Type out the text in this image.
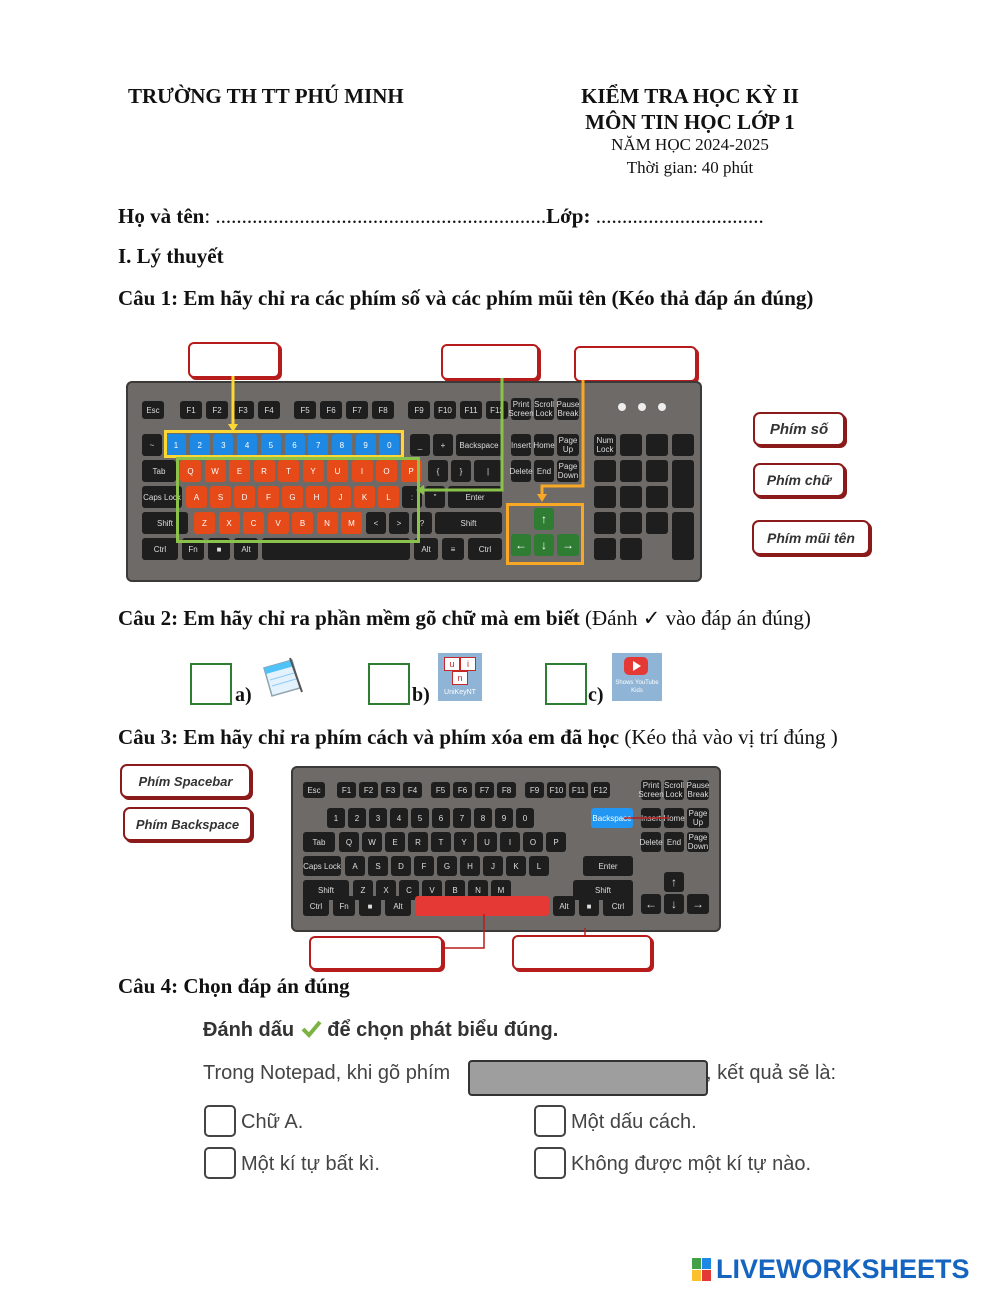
TRƯỜNG TH TT PHÚ MINH	KIỂM TRA HỌC KỲ II
MÔN TIN HỌC LỚP 1
NĂM HỌC 2024-2025
Thời gian: 40 phút
Họ và tên: ...............................................................Lớp: ................................
I. Lý thuyết
Câu 1: Em hãy chỉ ra các phím số và các phím mũi tên (Kéo thả đáp án đúng)
Esc	F1	F2	F3	F4	F5	F6	F7	F8	F9	F10	F11	F12
Print Screen
Scroll Lock
Pause Break
~	1	2	3	4	5	6	7	8	9	0	_	+	Backspace
Tab	Q	W	E	R	T	Y	U	I	O	P	{	}	|
Caps Lock	A	S	D	F	G	H	J	K	L	:	"	Enter
Shift	Z	X	C	V	B	N	M	<	>	?	Shift
Ctrl	Fn	■	Alt	Alt	≡	Ctrl
Insert Home Page Up
Delete End Page Down
↑
←	↓	→
Num Lock
Phím số
Phím chữ
Phím mũi tên
Câu 2: Em hãy chỉ ra phần mềm gõ chữ mà em biết (Đánh ✓ vào đáp án đúng)
a)	b)
u	i
n
UniKeyNT	c)
Shows YouTube Kids
Câu 3: Em hãy chỉ ra phím cách và phím xóa em đã học (Kéo thả vào vị trí đúng )
Phím Spacebar
Phím Backspace
Esc	F1	F2	F3	F4	F5	F6	F7	F8	F9	F10	F11	F12	Print Screen
Scroll Lock
Pause Break
1	2	3	4	5	6	7	8	9	0	Backspace
Tab	Q	W	E	R	T	Y	U	I	O	P
Caps Lock	A	S	D	F	G	H	J	K	L	Enter
Shift	Z	X	C	V	B	N	M	Shift
Ctrl	Fn	■	Alt	Alt	■	Ctrl
Insert Home Page Up
Delete End Page Down
↑
←	↓	→
Câu 4: Chọn đáp án đúng
Đánh dấu  để chọn phát biểu đúng.
Trong Notepad, khi gõ phím	, kết quả sẽ là:
Chữ A.	Một dấu cách.
Một kí tự bất kì.	Không được một kí tự nào.
LIVEWORKSHEETS
